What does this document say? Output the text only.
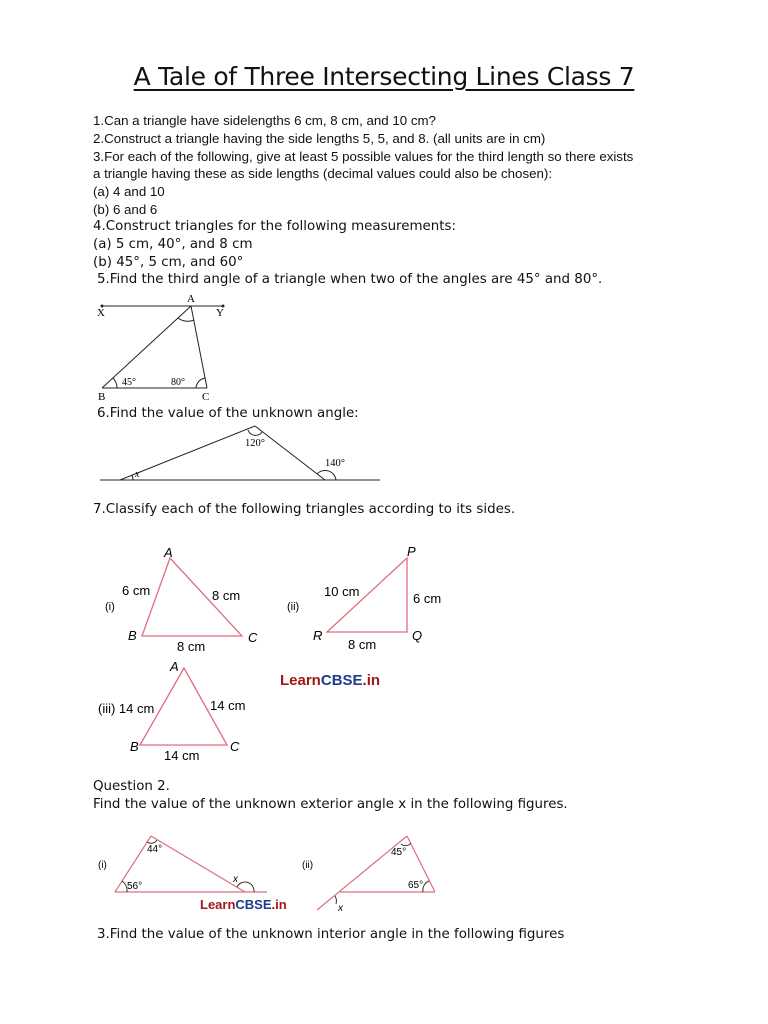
A Tale of Three Intersecting Lines Class 7
1.Can a triangle have sidelengths 6 cm, 8 cm, and 10 cm?
2.Construct a triangle having the side lengths 5, 5, and 8. (all units are in cm)
3.For each of the following, give at least 5 possible values for the third length so there exists
a triangle having these as side lengths (decimal values could also be chosen):
(a) 4 and 10
(b) 6 and 6
4.Construct triangles for the following measurements:
(a) 5 cm, 40°, and 8 cm
(b) 45°, 5 cm, and 60°
5.Find the third angle of a triangle when two of the angles are 45° and 80°.
A
X	Y
B	C
45°	80°
6.Find the value of the unknown angle:
120°
140°
x
7.Classify each of the following triangles according to its sides.
A
B	C
6 cm	8 cm
8 cm
(i)
P
Q
R
10 cm	6 cm
8 cm
(ii)
A
B	C
(iii) 14 cm	14 cm
14 cm
LearnCBSE.in
Question 2.
Find the value of the unknown exterior angle x in the following figures.
44°
56°
x
(i)
45°
65°
x
(ii)
LearnCBSE.in
3.Find the value of the unknown interior angle in the following figures
